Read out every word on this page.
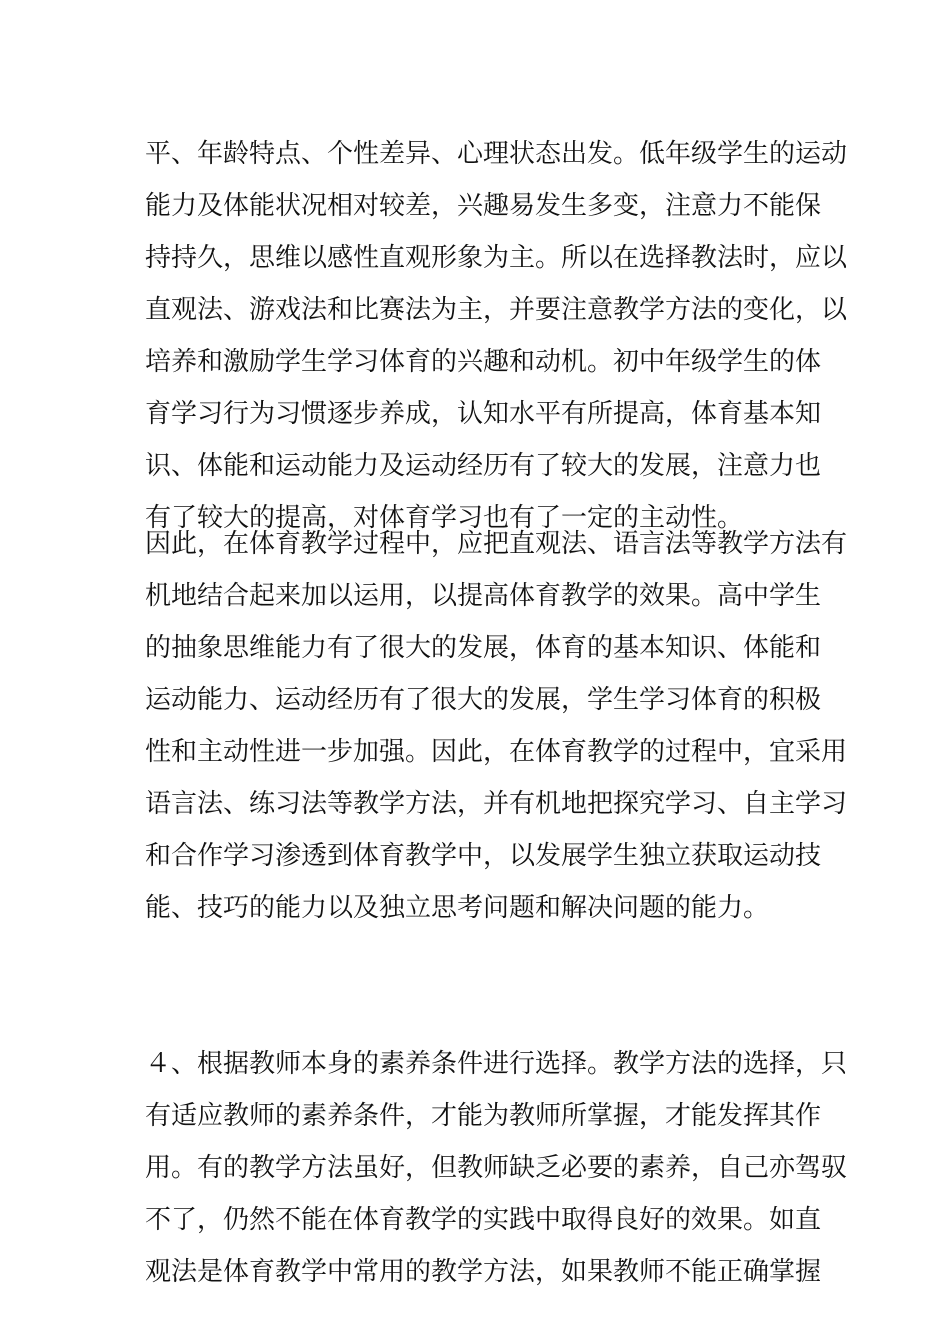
平、年龄特点、个性差异、心理状态出发。低年级学生的运动
能力及体能状况相对较差，兴趣易发生多变，注意力不能保
持持久，思维以感性直观形象为主。所以在选择教法时，应以
直观法、游戏法和比赛法为主，并要注意教学方法的变化，以
培养和激励学生学习体育的兴趣和动机。初中年级学生的体
育学习行为习惯逐步养成，认知水平有所提高，体育基本知
识、体能和运动能力及运动经历有了较大的发展，注意力也
有了较大的提高，对体育学习也有了一定的主动性。
因此，在体育教学过程中，应把直观法、语言法等教学方法有
机地结合起来加以运用，以提高体育教学的效果。高中学生
的抽象思维能力有了很大的发展，体育的基本知识、体能和
运动能力、运动经历有了很大的发展，学生学习体育的积极
性和主动性进一步加强。因此，在体育教学的过程中，宜采用
语言法、练习法等教学方法，并有机地把探究学习、自主学习
和合作学习渗透到体育教学中，以发展学生独立获取运动技
能、技巧的能力以及独立思考问题和解决问题的能力。
４、根据教师本身的素养条件进行选择。教学方法的选择，只
有适应教师的素养条件，才能为教师所掌握，才能发挥其作
用。有的教学方法虽好，但教师缺乏必要的素养，自己亦驾驭
不了，仍然不能在体育教学的实践中取得良好的效果。如直
观法是体育教学中常用的教学方法，如果教师不能正确掌握
